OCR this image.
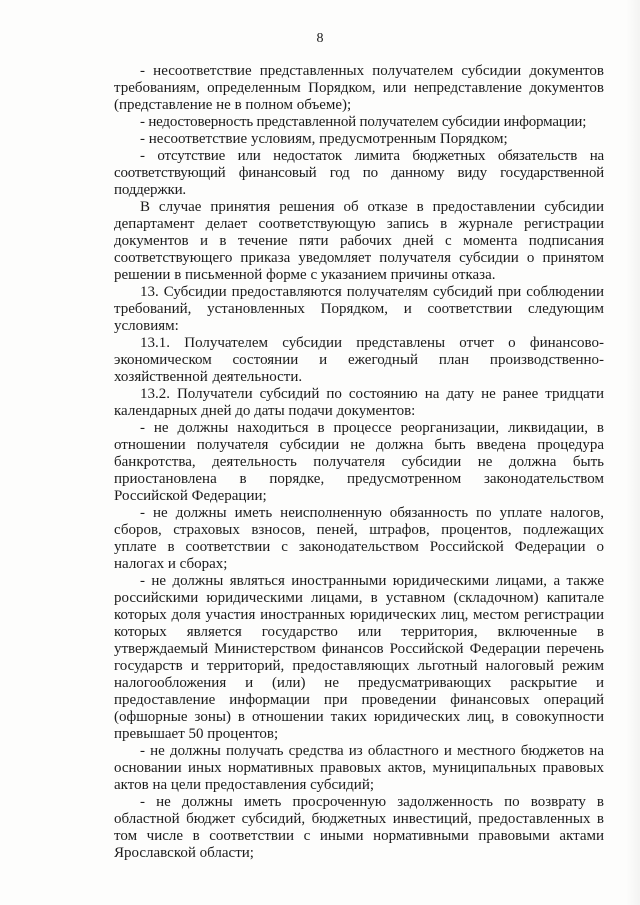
8

- несоответствие представленных получателем субсидии документов требованиям, определенным Порядком, или непредставление документов (представление не в полном объеме);

- недостоверность представленной получателем субсидии информации;

- несоответствие условиям, предусмотренным Порядком;

- отсутствие или недостаток лимита бюджетных обязательств на соответствующий финансовый год по данному виду государственной поддержки.

В случае принятия решения об отказе в предоставлении субсидии департамент делает соответствующую запись в журнале регистрации документов и в течение пяти рабочих дней с момента подписания соответствующего приказа уведомляет получателя субсидии о принятом решении в письменной форме с указанием причины отказа.

13. Субсидии предоставляются получателям субсидий при соблюдении требований, установленных Порядком, и соответствии следующим условиям:

13.1. Получателем субсидии представлены отчет о финансово-экономическом состоянии и ежегодный план производственно-хозяйственной деятельности.

13.2. Получатели субсидий по состоянию на дату не ранее тридцати календарных дней до даты подачи документов:

- не должны находиться в процессе реорганизации, ликвидации, в отношении получателя субсидии не должна быть введена процедура банкротства, деятельность получателя субсидии не должна быть приостановлена в порядке, предусмотренном законодательством Российской Федерации;

- не должны иметь неисполненную обязанность по уплате налогов, сборов, страховых взносов, пеней, штрафов, процентов, подлежащих уплате в соответствии с законодательством Российской Федерации о налогах и сборах;

- не должны являться иностранными юридическими лицами, а также российскими юридическими лицами, в уставном (складочном) капитале которых доля участия иностранных юридических лиц, местом регистрации которых является государство или территория, включенные в утверждаемый Министерством финансов Российской Федерации перечень государств и территорий, предоставляющих льготный налоговый режим налогообложения и (или) не предусматривающих раскрытие и предоставление информации при проведении финансовых операций (офшорные зоны) в отношении таких юридических лиц, в совокупности превышает 50 процентов;

- не должны получать средства из областного и местного бюджетов на основании иных нормативных правовых актов, муниципальных правовых актов на цели предоставления субсидий;

- не должны иметь просроченную задолженность по возврату в областной бюджет субсидий, бюджетных инвестиций, предоставленных в том числе в соответствии с иными нормативными правовыми актами Ярославской области;
